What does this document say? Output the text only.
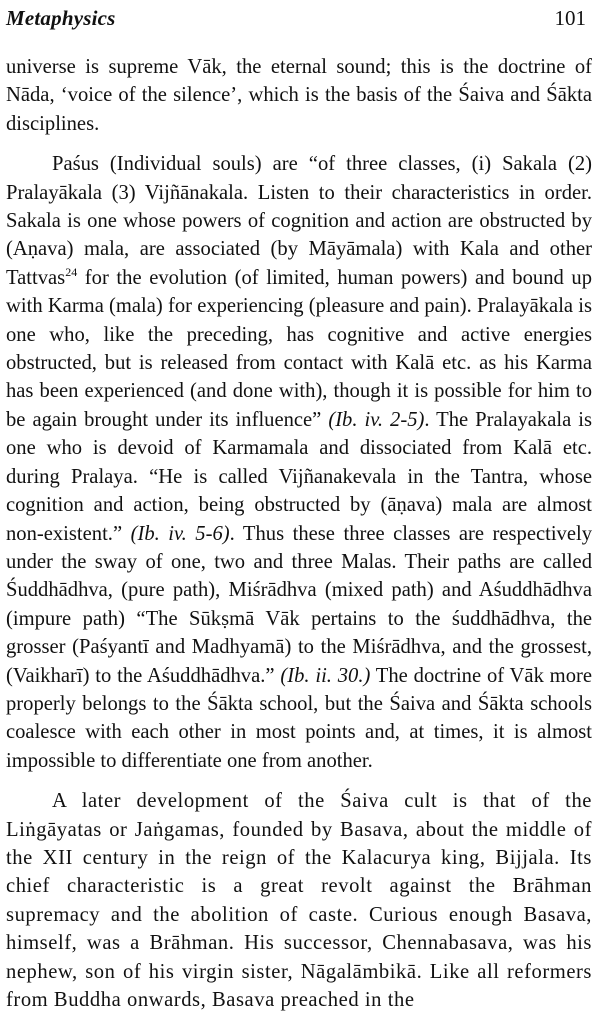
Metaphysics	101

universe is supreme Vāk, the eternal sound; this is the doctrine of Nāda, ‘voice of the silence’, which is the basis of the Śaiva and Śākta disciplines.

Paśus (Individual souls) are “of three classes, (i) Sakala (2) Pralayākala (3) Vijñānakala. Listen to their characteristics in order. Sakala is one whose powers of cognition and action are obstructed by (Aṇava) mala, are associated (by Māyāmala) with Kala and other Tattvas$^{24}$ for the evolution (of limited, human powers) and bound up with Karma (mala) for experiencing (pleasure and pain). Pralayākala is one who, like the preceding, has cognitive and active energies obstructed, but is released from contact with Kalā etc. as his Karma has been experienced (and done with), though it is possible for him to be again brought under its influence” (Ib. iv. 2-5). The Pralayakala is one who is devoid of Karmamala and dissociated from Kalā etc. during Pralaya. “He is called Vijñanakevala in the Tantra, whose cognition and action, being obstructed by (āṇava) mala are almost non-existent.” (Ib. iv. 5-6). Thus these three classes are respectively under the sway of one, two and three Malas. Their paths are called Śuddhādhva, (pure path), Miśrādhva (mixed path) and Aśuddhādhva (impure path) “The Sūkṣmā Vāk pertains to the śuddhādhva, the grosser (Paśyantī and Madhyamā) to the Miśrādhva, and the grossest, (Vaikharī) to the Aśuddhādhva.” (Ib. ii. 30.) The doctrine of Vāk more properly belongs to the Śākta school, but the Śaiva and Śākta schools coalesce with each other in most points and, at times, it is almost impossible to differentiate one from another.

A later development of the Śaiva cult is that of the Liṅgāyatas or Jaṅgamas, founded by Basava, about the middle of the XII century in the reign of the Kalacurya king, Bijjala. Its chief characteristic is a great revolt against the Brāhman supremacy and the abolition of caste. Curious enough Basava, himself, was a Brāhman. His successor, Chennabasava, was his nephew, son of his virgin sister, Nāgalāmbikā. Like all reformers from Buddha onwards, Basava preached in the
